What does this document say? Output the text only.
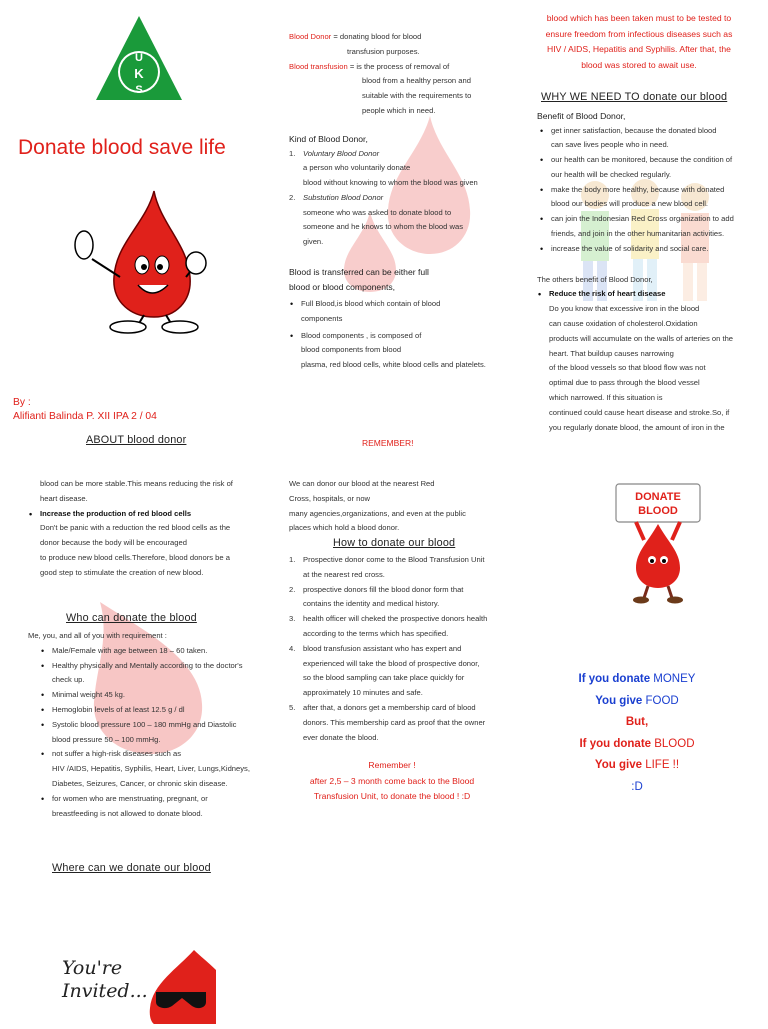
U
K
S
Donate blood save life
By :
Alifianti Balinda P. XII IPA 2 / 04
ABOUT blood donor
Blood Donor = donating blood for blood
transfusion purposes.
Blood transfusion = is the process of removal of
blood from a healthy person and
suitable with the requirements to
people which in need.
Kind of Blood Donor,
1. Voluntary Blood Donor
a person who voluntarily donate
blood without knowing to whom the blood was given
2. Substution Blood Donor
someone who was asked to donate blood to
someone and he knows to whom the blood was
given.
Blood is transferred can be either full
blood or blood components,
• Full Blood,is blood which contain of blood
components
• Blood components , is composed of
blood components from blood
plasma, red blood cells, white blood cells and platelets.
REMEMBER!
blood which has been taken must to be tested to
ensure freedom from infectious diseases such as
HIV / AIDS, Hepatitis and Syphilis. After that, the
blood was stored to await use.
WHY WE NEED TO donate our blood
Benefit of Blood Donor,
• get inner satisfaction, because the donated blood
can save lives people who in need.
• our health can be monitored, because the condition of
our health will be checked regularly.
• make the body more healthy, because with donated
blood our bodies will produce a new blood cell.
• can join the Indonesian Red Cross organization to add
friends, and join in the other humanitarian activities.
• increase the value of solidarity and social care.
The others benefit of Blood Donor,
• Reduce the risk of heart disease
Do you know that excessive iron in the blood
can cause oxidation of cholesterol.Oxidation
products will accumulate on the walls of arteries on the
heart. That buildup causes narrowing
of the blood vessels so that blood flow was not
optimal due to pass through the blood vessel
which narrowed. If this situation is
continued could cause heart disease and stroke.So, if
you regularly donate blood, the amount of iron in the
blood can be more stable.This means reducing the risk of
heart disease.
• Increase the production of red blood cells
Don't be panic with a reduction the red blood cells as the
donor because the body will be encouraged
to produce new blood cells.Therefore, blood donors be a
good step to stimulate the creation of new blood.
Who can donate the blood
Me, you, and all of you with requirement :
• Male/Female with age between 18 – 60 taken.
• Healthy physically and Mentally according to the doctor's
check up.
• Minimal weight 45 kg.
• Hemoglobin levels of at least 12.5 g / dl
• Systolic blood pressure 100 – 180 mmHg and Diastolic
blood pressure 50 – 100 mmHg.
• not suffer a high-risk diseases such as
HIV /AIDS, Hepatitis, Syphilis, Heart, Liver, Lungs,Kidneys,
Diabetes, Seizures, Cancer, or chronic skin disease.
• for women who are menstruating, pregnant, or
breastfeeding is not allowed to donate blood.
Where can we donate our blood
You're
Invited...
We can donor our blood at the nearest Red
Cross, hospitals, or now
many agencies,organizations, and even at the public
places which hold a blood donor.
How to donate our blood
1. Prospective donor come to the Blood Transfusion Unit
at the nearest red cross.
2. prospective donors fill the blood donor form that
contains the identity and medical history.
3. health officer will cheked the prospective donors health
according to the terms which has specified.
4. blood transfusion assistant who has expert and
experienced will take the blood of prospective donor,
so the blood sampling can take place quickly for
approximately 10 minutes and safe.
5. after that, a donors get a membership card of blood
donors. This membership card as proof that the owner
ever donate the blood.
Remember !
after 2,5 – 3 month come back to the Blood
Transfusion Unit, to donate the blood ! :D
DONATE
BLOOD
If you donate MONEY
You give FOOD
But,
If you donate BLOOD
You give LIFE !!
:D
